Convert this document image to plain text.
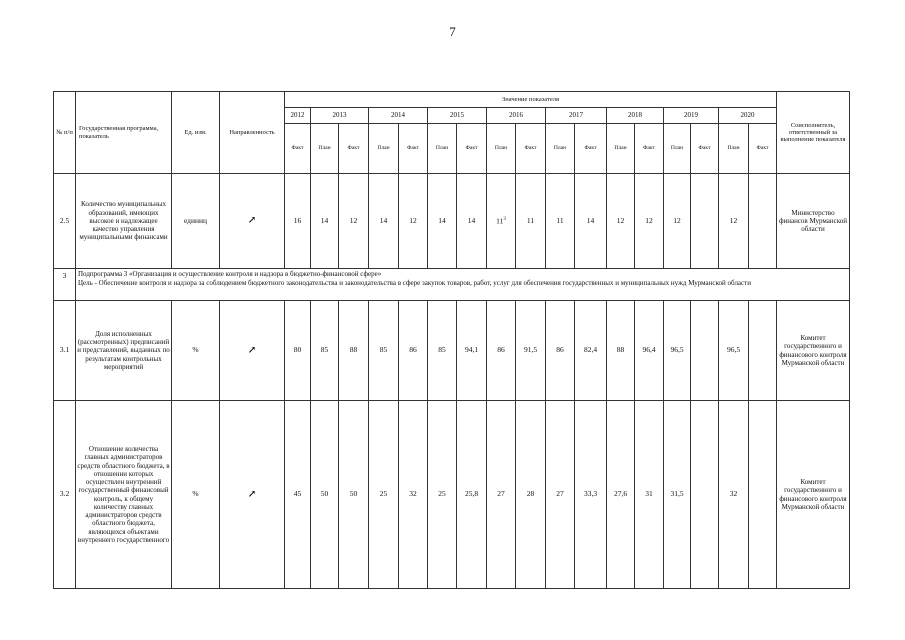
7
№ п/п	Государственная программа, показатель	Ед. изм.	Направленность	Значение показателя																	Соисполнитель, ответственный за выполнение показателя
				2012	2013		2014		2015		2016		2017		2018		2019		2020		
				Факт	План	Факт	План	Факт	План	Факт	План	Факт	План	Факт	План	Факт	План	Факт	План	Факт	
2.5	Количество муниципальных образований, имеющих высокое и надлежащее качество управления муниципальными финансами	единиц	↗	16	14	12	14	12	14	14	$11^3$	11	11	14	12	12	12		12		Министерство финансов Мурманской области
3	Подпрограмма 3 «Организация и осуществление контроля и надзора в бюджетно-финансовой сфере»
Цель - Обеспечение контроля и надзора за соблюдением бюджетного законодательства и законодательства в сфере закупок товаров, работ, услуг для обеспечения государственных и муниципальных нужд Мурманской области																				

3.1	Доля исполненных (рассмотренных) предписаний и представлений, выданных по результатам контрольных мероприятий	%	↗	80	85	88	85	86	85	94,1	86	91,5	86	82,4	88	96,4	96,5		96,5		Комитет государственного и финансового контроля Мурманской области
3.2	Отношение количества главных администраторов средств областного бюджета, в отношении которых осуществлен внутренний государственный финансовый контроль, к общему количеству главных администраторов средств областного бюджета, являющихся объектами внутреннего государственного	%	↗	45	50	50	25	32	25	25,8	27	28	27	33,3	27,6	31	31,5		32		Комитет государственного и финансового контроля Мурманской области
